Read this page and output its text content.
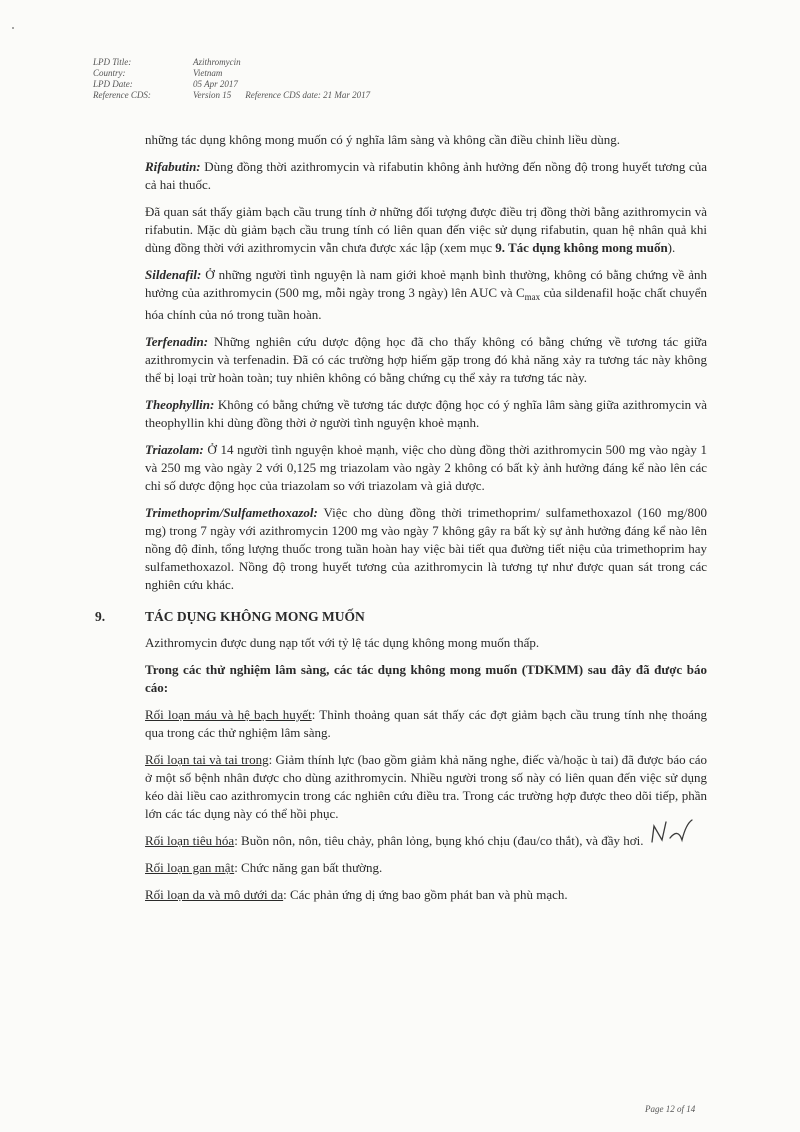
LPD Title:	Azithromycin
Country:	Vietnam
LPD Date:	05 Apr 2017
Reference CDS:	Version 15 Reference CDS date: 21 Mar 2017

những tác dụng không mong muốn có ý nghĩa lâm sàng và không cần điều chỉnh liều dùng.

Rifabutin: Dùng đồng thời azithromycin và rifabutin không ảnh hưởng đến nồng độ trong huyết tương của cả hai thuốc.

Đã quan sát thấy giảm bạch cầu trung tính ở những đối tượng được điều trị đồng thời bằng azithromycin và rifabutin. Mặc dù giảm bạch cầu trung tính có liên quan đến việc sử dụng rifabutin, quan hệ nhân quả khi dùng đồng thời với azithromycin vẫn chưa được xác lập (xem mục 9. Tác dụng không mong muốn).

Sildenafil: Ở những người tình nguyện là nam giới khoẻ mạnh bình thường, không có bằng chứng về ảnh hưởng của azithromycin (500 mg, mỗi ngày trong 3 ngày) lên AUC và $C_{max}$ của sildenafil hoặc chất chuyển hóa chính của nó trong tuần hoàn.

Terfenadin: Những nghiên cứu dược động học đã cho thấy không có bằng chứng về tương tác giữa azithromycin và terfenadin. Đã có các trường hợp hiếm gặp trong đó khả năng xảy ra tương tác này không thể bị loại trừ hoàn toàn; tuy nhiên không có bằng chứng cụ thể xảy ra tương tác này.

Theophyllin: Không có bằng chứng về tương tác dược động học có ý nghĩa lâm sàng giữa azithromycin và theophyllin khi dùng đồng thời ở người tình nguyện khoẻ mạnh.

Triazolam: Ở 14 người tình nguyện khoẻ mạnh, việc cho dùng đồng thời azithromycin 500 mg vào ngày 1 và 250 mg vào ngày 2 với 0,125 mg triazolam vào ngày 2 không có bất kỳ ảnh hưởng đáng kể nào lên các chỉ số dược động học của triazolam so với triazolam và giả dược.

Trimethoprim/Sulfamethoxazol: Việc cho dùng đồng thời trimethoprim/ sulfamethoxazol (160 mg/800 mg) trong 7 ngày với azithromycin 1200 mg vào ngày 7 không gây ra bất kỳ sự ảnh hưởng đáng kể nào lên nồng độ đỉnh, tổng lượng thuốc trong tuần hoàn hay việc bài tiết qua đường tiết niệu của trimethoprim hay sulfamethoxazol. Nồng độ trong huyết tương của azithromycin là tương tự như được quan sát trong các nghiên cứu khác.

9.	TÁC DỤNG KHÔNG MONG MUỐN

Azithromycin được dung nạp tốt với tỷ lệ tác dụng không mong muốn thấp.

Trong các thử nghiệm lâm sàng, các tác dụng không mong muốn (TDKMM) sau đây đã được báo cáo:

Rối loạn máu và hệ bạch huyết: Thỉnh thoảng quan sát thấy các đợt giảm bạch cầu trung tính nhẹ thoáng qua trong các thử nghiệm lâm sàng.

Rối loạn tai và tai trong: Giảm thính lực (bao gồm giảm khả năng nghe, điếc và/hoặc ù tai) đã được báo cáo ở một số bệnh nhân được cho dùng azithromycin. Nhiều người trong số này có liên quan đến việc sử dụng kéo dài liều cao azithromycin trong các nghiên cứu điều tra. Trong các trường hợp được theo dõi tiếp, phần lớn các tác dụng này có thể hồi phục.

Rối loạn tiêu hóa: Buồn nôn, nôn, tiêu chảy, phân lỏng, bụng khó chịu (đau/co thắt), và đầy hơi.

Rối loạn gan mật: Chức năng gan bất thường.

Rối loạn da và mô dưới da: Các phản ứng dị ứng bao gồm phát ban và phù mạch.

Page 12 of 14
